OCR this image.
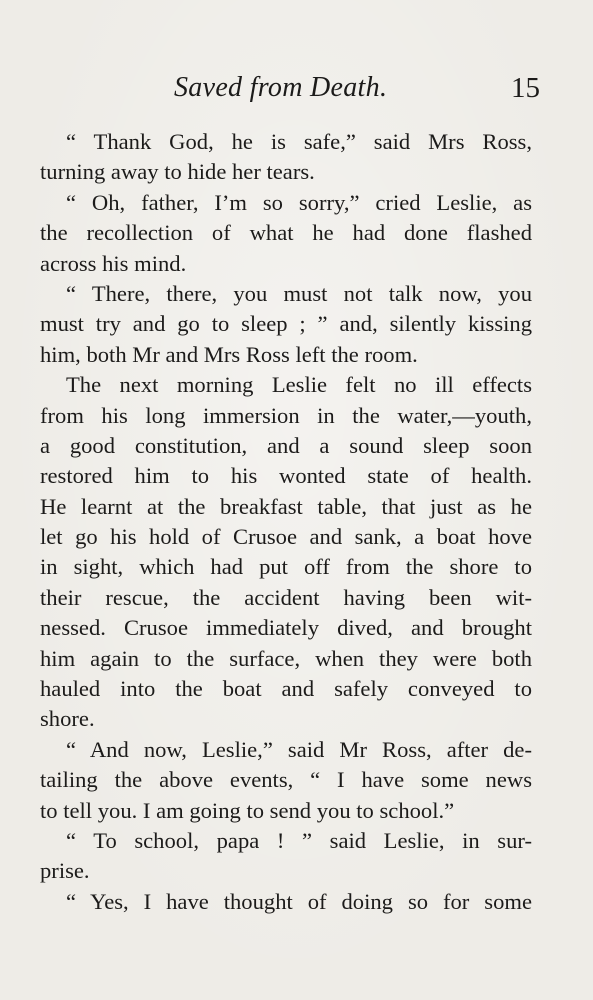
Saved from Death.	15
“ Thank God, he is safe,” said Mrs Ross,
turning away to hide her tears.
“ Oh, father, I’m so sorry,” cried Leslie, as
the recollection of what he had done flashed
across his mind.
“ There, there, you must not talk now, you
must try and go to sleep ; ” and, silently kissing
him, both Mr and Mrs Ross left the room.
The next morning Leslie felt no ill effects
from his long immersion in the water,—youth,
a good constitution, and a sound sleep soon
restored him to his wonted state of health.
He learnt at the breakfast table, that just as he
let go his hold of Crusoe and sank, a boat hove
in sight, which had put off from the shore to
their rescue, the accident having been wit-
nessed. Crusoe immediately dived, and brought
him again to the surface, when they were both
hauled into the boat and safely conveyed to
shore.
“ And now, Leslie,” said Mr Ross, after de-
tailing the above events, “ I have some news
to tell you. I am going to send you to school.”
“ To school, papa ! ” said Leslie, in sur-
prise.
“ Yes, I have thought of doing so for some
